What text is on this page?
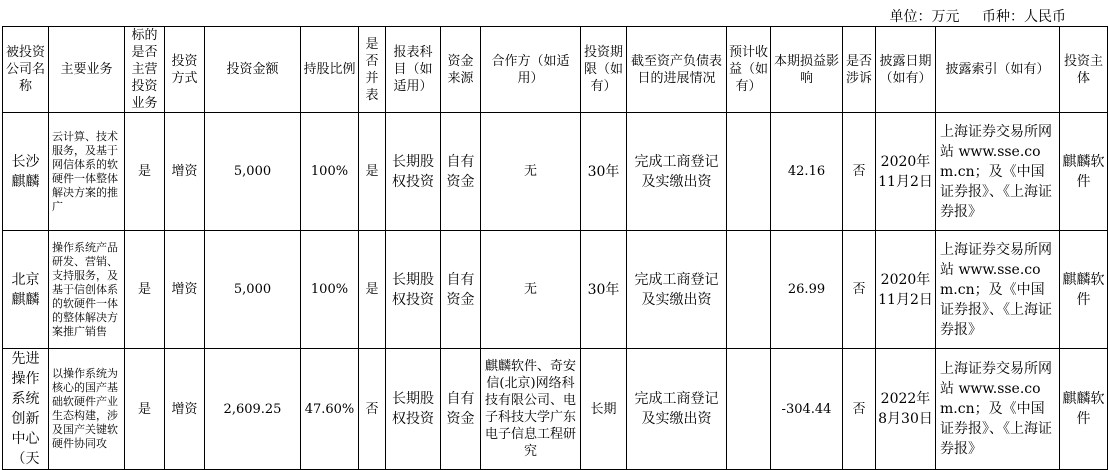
单位：万元 币种：人民币
被投资公司名称	主要业务	标的是否主营投资业务	投资方式	投资金额	持股比例	是否并表	报表科目（如适用）	资金来源	合作方（如适用）	投资期限（如有）	截至资产负债表日的进展情况	预计收益（如有）	本期损益影响	是否涉诉	披露日期（如有）	披露索引（如有）	投资主体
长沙麒麟	云计算、技术服务，及基于网信体系的软硬件一体整体解决方案的推广	是	增资	5,000	100%	是	长期股权投资	自有资金	无	30年	完成工商登记及实缴出资		42.16	否	2020年11月2日	上海证券交易所网站 www.sse.com.cn；及《中国证券报》、《上海证券报》	麒麟软件
北京麒麟	操作系统产品研发、营销、支持服务，及基于信创体系的软硬件一体的整体解决方案推广销售	是	增资	5,000	100%	是	长期股权投资	自有资金	无	30年	完成工商登记及实缴出资		26.99	否	2020年11月2日	上海证券交易所网站 www.sse.com.cn；及《中国证券报》、《上海证券报》	麒麟软件
先进操作系统创新中心（天	以操作系统为核心的国产基础软硬件产业生态构建，涉及国产关键软硬件协同攻	是	增资	2,609.25	47.60%	否	长期股权投资	自有资金	麒麟软件、奇安信(北京)网络科技有限公司、电子科技大学广东电子信息工程研究	长期	完成工商登记及实缴出资		-304.44	否	2022年8月30日	上海证券交易所网站 www.sse.com.cn；及《中国证券报》、《上海证券报》	麒麟软件
